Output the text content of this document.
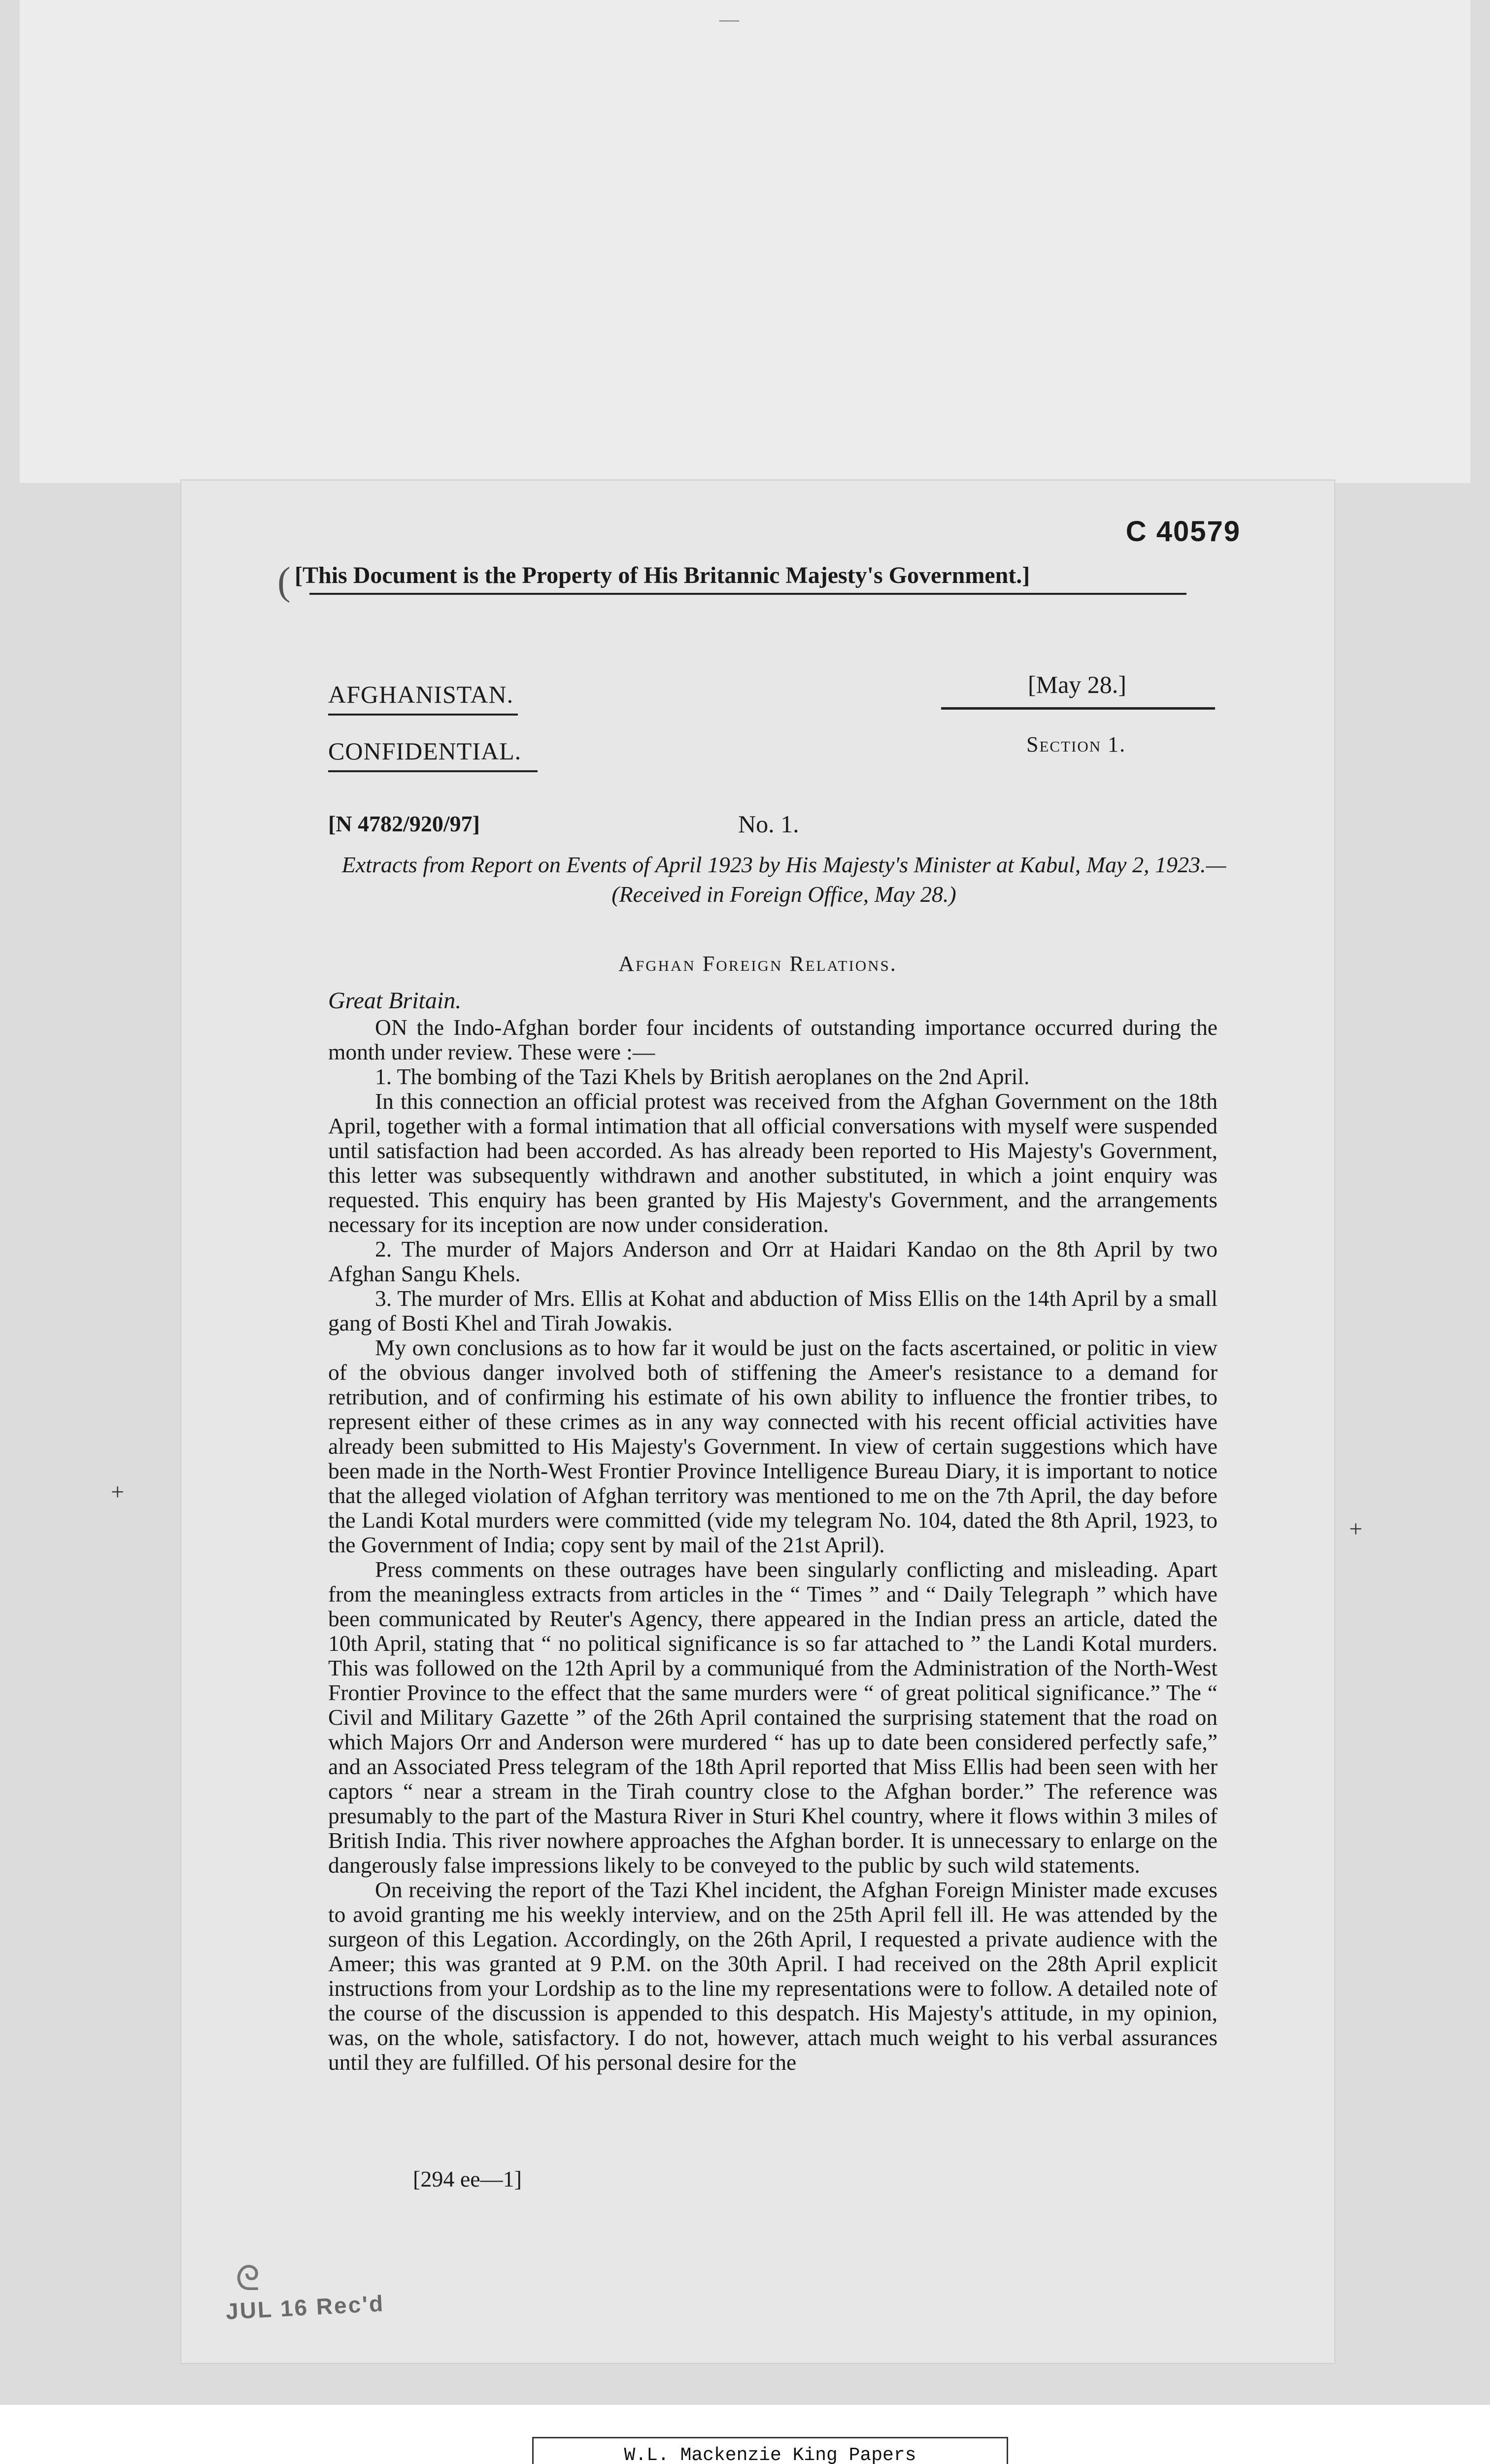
—
+
+
C 40579
( [This Document is the Property of His Britannic Majesty's Government.]
AFGHANISTAN.
CONFIDENTIAL.
[May 28.]
Section 1.
[N 4782/920/97]	No. 1.
Extracts from Report on Events of April 1923 by His Majesty's Minister at Kabul, May 2, 1923.—(Received in Foreign Office, May 28.)
Afghan Foreign Relations.
Great Britain.

ON the Indo-Afghan border four incidents of outstanding importance occurred during the month under review. These were :—

1. The bombing of the Tazi Khels by British aeroplanes on the 2nd April.

In this connection an official protest was received from the Afghan Government on the 18th April, together with a formal intimation that all official conversations with myself were suspended until satisfaction had been accorded. As has already been reported to His Majesty's Government, this letter was subsequently withdrawn and another substituted, in which a joint enquiry was requested. This enquiry has been granted by His Majesty's Government, and the arrangements necessary for its inception are now under consideration.

2. The murder of Majors Anderson and Orr at Haidari Kandao on the 8th April by two Afghan Sangu Khels.

3. The murder of Mrs. Ellis at Kohat and abduction of Miss Ellis on the 14th April by a small gang of Bosti Khel and Tirah Jowakis.

My own conclusions as to how far it would be just on the facts ascertained, or politic in view of the obvious danger involved both of stiffening the Ameer's resistance to a demand for retribution, and of confirming his estimate of his own ability to influence the frontier tribes, to represent either of these crimes as in any way connected with his recent official activities have already been submitted to His Majesty's Government. In view of certain suggestions which have been made in the North-West Frontier Province Intelligence Bureau Diary, it is important to notice that the alleged violation of Afghan territory was mentioned to me on the 7th April, the day before the Landi Kotal murders were committed (vide my telegram No. 104, dated the 8th April, 1923, to the Government of India; copy sent by mail of the 21st April).

Press comments on these outrages have been singularly conflicting and misleading. Apart from the meaningless extracts from articles in the “ Times ” and “ Daily Telegraph ” which have been communicated by Reuter's Agency, there appeared in the Indian press an article, dated the 10th April, stating that “ no political significance is so far attached to ” the Landi Kotal murders. This was followed on the 12th April by a communiqué from the Administration of the North-West Frontier Province to the effect that the same murders were “ of great political significance.” The “ Civil and Military Gazette ” of the 26th April contained the surprising statement that the road on which Majors Orr and Anderson were murdered “ has up to date been considered perfectly safe,” and an Associated Press telegram of the 18th April reported that Miss Ellis had been seen with her captors “ near a stream in the Tirah country close to the Afghan border.” The reference was presumably to the part of the Mastura River in Sturi Khel country, where it flows within 3 miles of British India. This river nowhere approaches the Afghan border. It is unnecessary to enlarge on the dangerously false impressions likely to be conveyed to the public by such wild statements.

On receiving the report of the Tazi Khel incident, the Afghan Foreign Minister made excuses to avoid granting me his weekly interview, and on the 25th April fell ill. He was attended by the surgeon of this Legation. Accordingly, on the 26th April, I requested a private audience with the Ameer; this was granted at 9 P.M. on the 30th April. I had received on the 28th April explicit instructions from your Lordship as to the line my representations were to follow. A detailed note of the course of the discussion is appended to this despatch. His Majesty's attitude, in my opinion, was, on the whole, satisfactory. I do not, however, attach much weight to his verbal assurances until they are fulfilled. Of his personal desire for the

[294 ee—1]
ᘓ
JUL 16 Rec'd
W.L. Mackenzie King Papers
